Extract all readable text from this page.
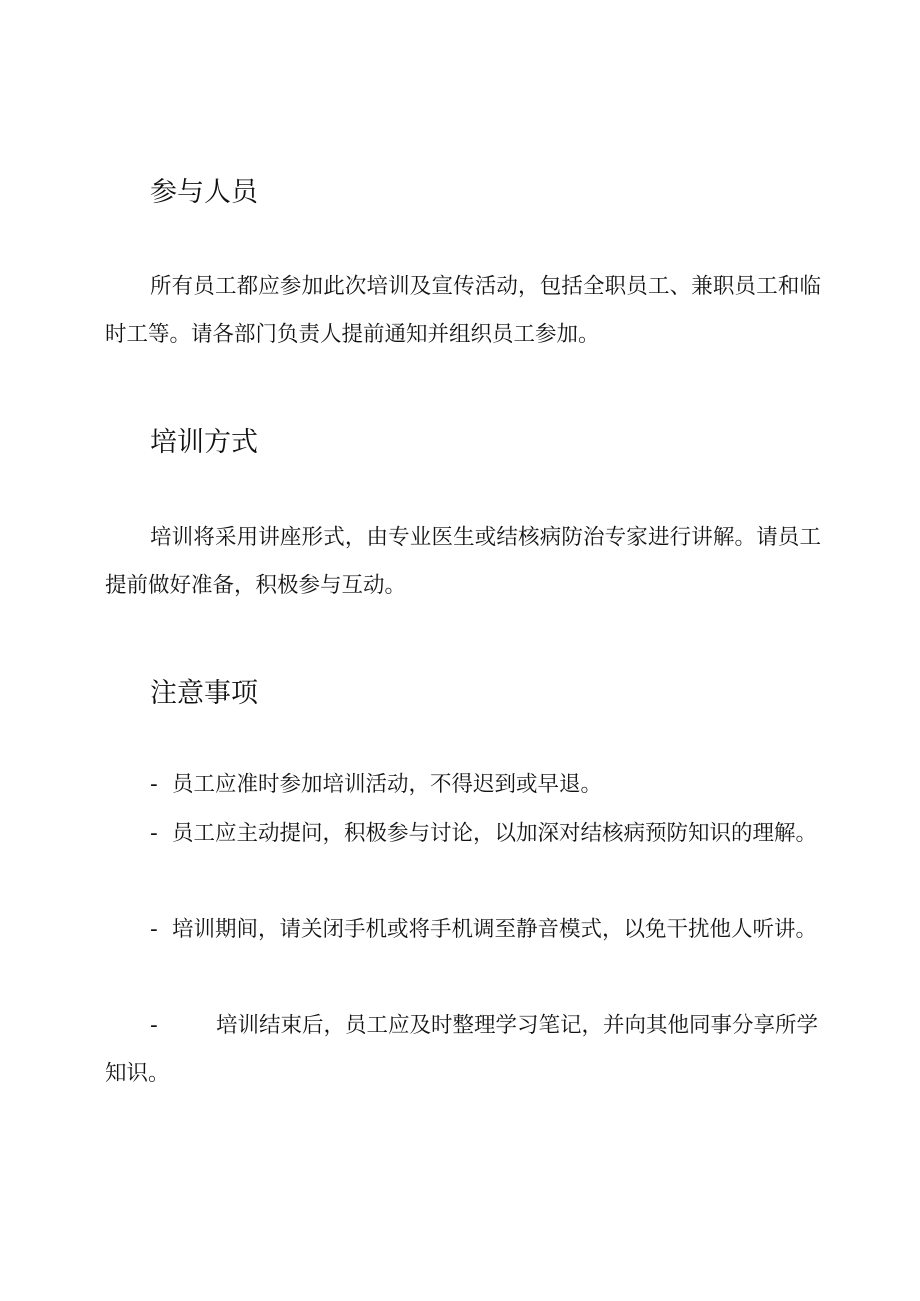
参与人员

所有员工都应参加此次培训及宣传活动，包括全职员工、兼职员工和临时工等。请各部门负责人提前通知并组织员工参加。

培训方式

培训将采用讲座形式，由专业医生或结核病防治专家进行讲解。请员工提前做好准备，积极参与互动。

注意事项

- 员工应准时参加培训活动，不得迟到或早退。

- 员工应主动提问，积极参与讨论，以加深对结核病预防知识的理解。

- 培训期间，请关闭手机或将手机调至静音模式，以免干扰他人听讲。

-	培训结束后，员工应及时整理学习笔记，并向其他同事分享所学知识。
